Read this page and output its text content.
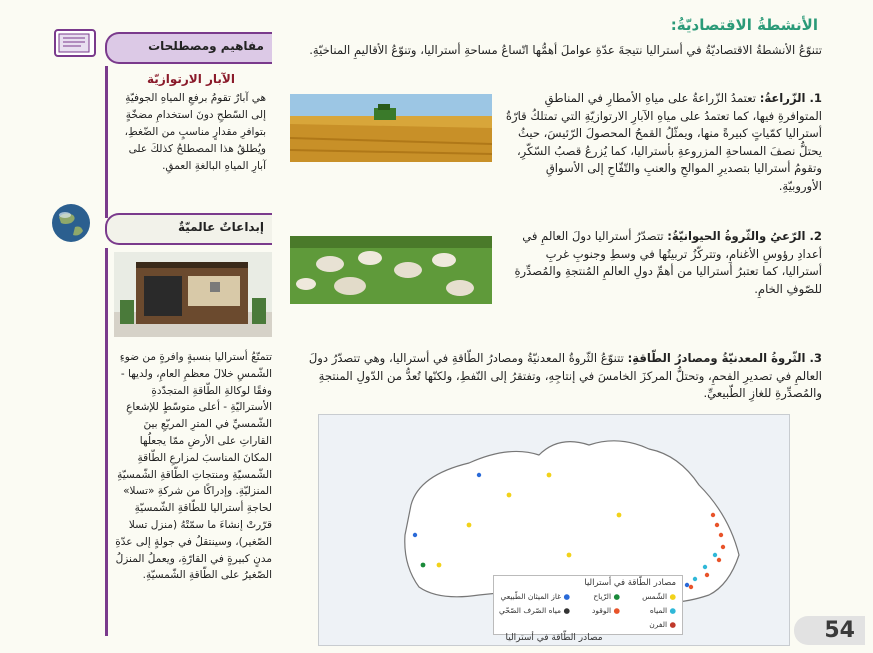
مفاهيم ومصطلحات
الآبار الارتوازيّة
هي آبارٌ تقومُ برفعِ المياهِ الجوفيّةِ إلى السّطحِ دونَ استخدامِ مضخّةٍ بتوافرِ مقدارٍ مناسبٍ من الضّغطِ، ويُطلقُ هذا المصطلحُ كذلكَ على آبارِ المياهِ البالغةِ العمقِ.
إبداعاتٌ عالميّةٌ
تتمتّعُ أستراليا بنسبةٍ وافرةٍ من ضوءِ الشّمسِ خلالَ معظمِ العامِ، ولديها - وفقًا لوكالةِ الطّاقةِ المتجدّدةِ الأستراليّةِ - أعلى متوسّطٍ للإشعاعِ الشّمسيِّ في المترِ المربّعِ بينَ القاراتِ على الأرضِ ممّا يجعلُها المكانَ المناسبَ لمزارعِ الطّاقةِ الشّمسيّةِ ومنتجاتِ الطّاقةِ الشّمسيّةِ المنزليّةِ. وإدراكًا من شركةِ «تسلا» لحاجةِ أستراليا للطّاقةِ الشّمسيّةِ قرّرتْ إنشاءَ ما سمّتْهُ (منزل تسلا الصّغير)، وسينتقلُ في جولةٍ إلى عدّةِ مدنٍ كبيرةٍ في القارّةِ، ويعملُ المنزلُ الصّغيرُ على الطّاقةِ الشّمسيّةِ.
الأنشطةُ الاقتصاديّةُ:
تتنوّعُ الأنشطةُ الاقتصاديّةُ في أستراليا نتيجةَ عدّةِ عواملَ أهمُّها اتّساعُ مساحةِ أستراليا، وتنوّعُ الأقاليمِ المناخيّةِ.
1. الزّراعةُ: تعتمدُ الزّراعةُ على مياهِ الأمطارِ في المناطقِ المتوافرةِ فيها، كما تعتمدُ على مياهِ الآبارِ الارتوازيّةِ التي تمتلكُ قارّةُ أستراليا كمّياتٍ كبيرةً منها، ويمثّلُ القمحُ المحصولَ الرّئيسَ، حيثُ يحتلُّ نصفَ المساحةِ المزروعةِ بأستراليا، كما يُزرعُ قصبُ السّكّرِ، وتقومُ أستراليا بتصديرِ الموالحِ والعنبِ والتّفّاحِ إلى الأسواقِ الأوروبيّةِ.
2. الرّعيُ والثّروةُ الحيوانيّةُ: تتصدّرُ أستراليا دولَ العالمِ في أعدادِ رؤوسِ الأغنامِ، وتتركّزُ تربيتُها في وسطِ وجنوبِ غربِ أستراليا، كما تعتبرُ أستراليا من أهمِّ دولِ العالمِ المُنتجةِ والمُصدِّرةِ للصّوفِ الخامِ.
3. الثّروةُ المعدنيّةُ ومصادرُ الطّاقةِ: تتنوّعُ الثّروةُ المعدنيّةُ ومصادرُ الطّاقةِ في أستراليا، وهي تتصدّرُ دولَ العالمِ في تصديرِ الفحمِ، وتحتلُّ المركزَ الخامسَ في إنتاجِهِ، وتفتقرُ إلى النّفطِ، ولكنّها تُعدُّ من الدّولِ المنتجةِ والمُصدِّرةِ للغازِ الطّبيعيِّ.
مصادر الطّاقة في أستراليا
● الشّمس
● الرّياح
● غاز الميثان الطّبيعي
● المياه
● الوقود
● مياه الصّرف الصّحّي
● الفرن
مصادر الطّاقة في أستراليا	54
